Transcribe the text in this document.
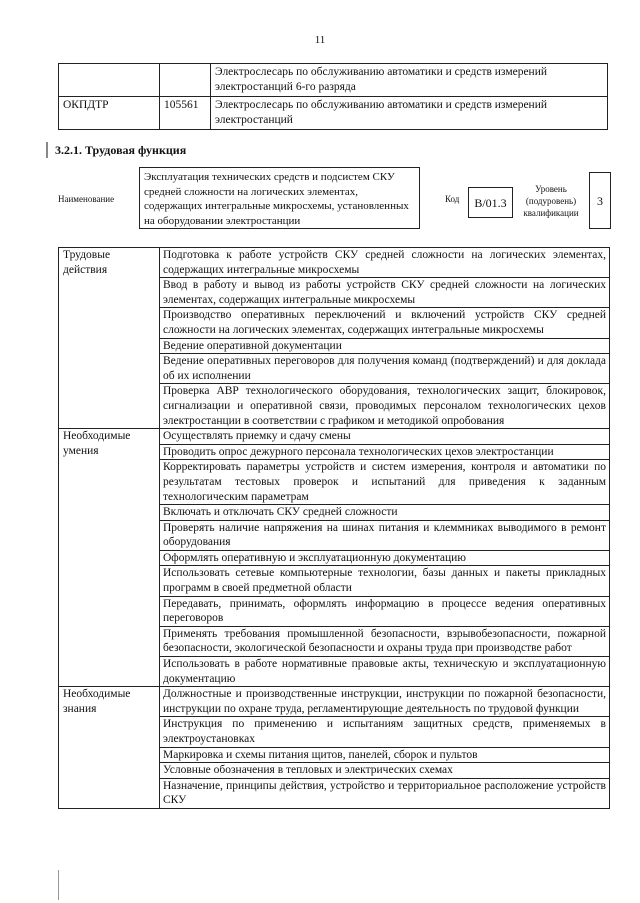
11
		Электрослесарь по обслуживанию автоматики и средств измерений электростанций 6-го разряда
ОКПДТР	105561	Электрослесарь по обслуживанию автоматики и средств измерений электростанций
3.2.1. Трудовая функция
Наименование
Эксплуатация технических средств и подсистем СКУ средней сложности на логических элементах, содержащих интегральные микросхемы, установленных на оборудовании электростанции
Код	B/01.3
Уровень (подуровень) квалификации
3
Трудовые действия	Подготовка к работе устройств СКУ средней сложности на логических элементах, содержащих интегральные микросхемы
	Ввод в работу и вывод из работы устройств СКУ средней сложности на логических элементах, содержащих интегральные микросхемы
	Производство оперативных переключений и включений устройств СКУ средней сложности на логических элементах, содержащих интегральные микросхемы
	Ведение оперативной документации
	Ведение оперативных переговоров для получения команд (подтверждений) и для доклада об их исполнении
	Проверка АВР технологического оборудования, технологических защит, блокировок, сигнализации и оперативной связи, проводимых персоналом технологических цехов электростанции в соответствии с графиком и методикой опробования
Необходимые умения	Осуществлять приемку и сдачу смены
	Проводить опрос дежурного персонала технологических цехов электростанции
	Корректировать параметры устройств и систем измерения, контроля и автоматики по результатам тестовых проверок и испытаний для приведения к заданным технологическим параметрам
	Включать и отключать СКУ средней сложности
	Проверять наличие напряжения на шинах питания и клеммниках выводимого в ремонт оборудования
	Оформлять оперативную и эксплуатационную документацию
	Использовать сетевые компьютерные технологии, базы данных и пакеты прикладных программ в своей предметной области
	Передавать, принимать, оформлять информацию в процессе ведения оперативных переговоров
	Применять требования промышленной безопасности, взрывобезопасности, пожарной безопасности, экологической безопасности и охраны труда при производстве работ
	Использовать в работе нормативные правовые акты, техническую и эксплуатационную документацию
Необходимые знания	Должностные и производственные инструкции, инструкции по пожарной безопасности, инструкции по охране труда, регламентирующие деятельность по трудовой функции
	Инструкция по применению и испытаниям защитных средств, применяемых в электроустановках
	Маркировка и схемы питания щитов, панелей, сборок и пультов
	Условные обозначения в тепловых и электрических схемах
	Назначение, принципы действия, устройство и территориальное расположение устройств СКУ
